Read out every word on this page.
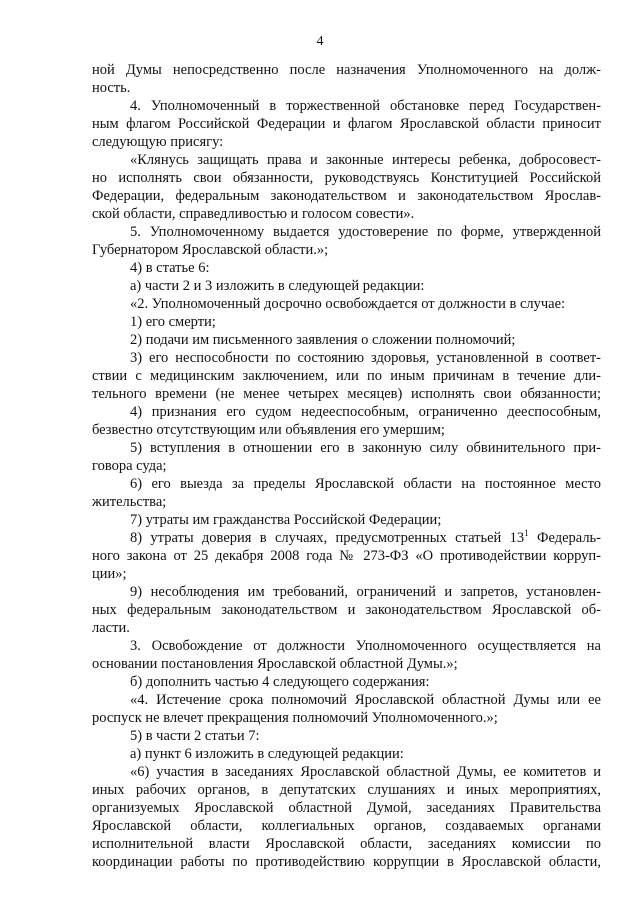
4
ной Думы непосредственно после назначения Уполномоченного на долж-
ность.
4. Уполномоченный в торжественной обстановке перед Государствен-
ным флагом Российской Федерации и флагом Ярославской области приносит
следующую присягу:
«Клянусь защищать права и законные интересы ребенка, добросовест-
но исполнять свои обязанности, руководствуясь Конституцией Российской
Федерации, федеральным законодательством и законодательством Ярослав-
ской области, справедливостью и голосом совести».
5. Уполномоченному выдается удостоверение по форме, утвержденной
Губернатором Ярославской области.»;
4) в статье 6:
а) части 2 и 3 изложить в следующей редакции:
«2. Уполномоченный досрочно освобождается от должности в случае:
1) его смерти;
2) подачи им письменного заявления о сложении полномочий;
3) его неспособности по состоянию здоровья, установленной в соответ-
ствии с медицинским заключением, или по иным причинам в течение дли-
тельного времени (не менее четырех месяцев) исполнять свои обязанности;
4) признания его судом недееспособным, ограниченно дееспособным,
безвестно отсутствующим или объявления его умершим;
5) вступления в отношении его в законную силу обвинительного при-
говора суда;
6) его выезда за пределы Ярославской области на постоянное место
жительства;
7) утраты им гражданства Российской Федерации;
8) утраты доверия в случаях, предусмотренных статьей $13^1$ Федераль-
ного закона от 25 декабря 2008 года № 273-ФЗ «О противодействии корруп-
ции»;
9) несоблюдения им требований, ограничений и запретов, установлен-
ных федеральным законодательством и законодательством Ярославской об-
ласти.
3. Освобождение от должности Уполномоченного осуществляется на
основании постановления Ярославской областной Думы.»;
б) дополнить частью 4 следующего содержания:
«4. Истечение срока полномочий Ярославской областной Думы или ее
роспуск не влечет прекращения полномочий Уполномоченного.»;
5) в части 2 статьи 7:
а) пункт 6 изложить в следующей редакции:
«6) участия в заседаниях Ярославской областной Думы, ее комитетов и
иных рабочих органов, в депутатских слушаниях и иных мероприятиях,
организуемых Ярославской областной Думой, заседаниях Правительства
Ярославской области, коллегиальных органов, создаваемых органами
исполнительной власти Ярославской области, заседаниях комиссии по
координации работы по противодействию коррупции в Ярославской области,
